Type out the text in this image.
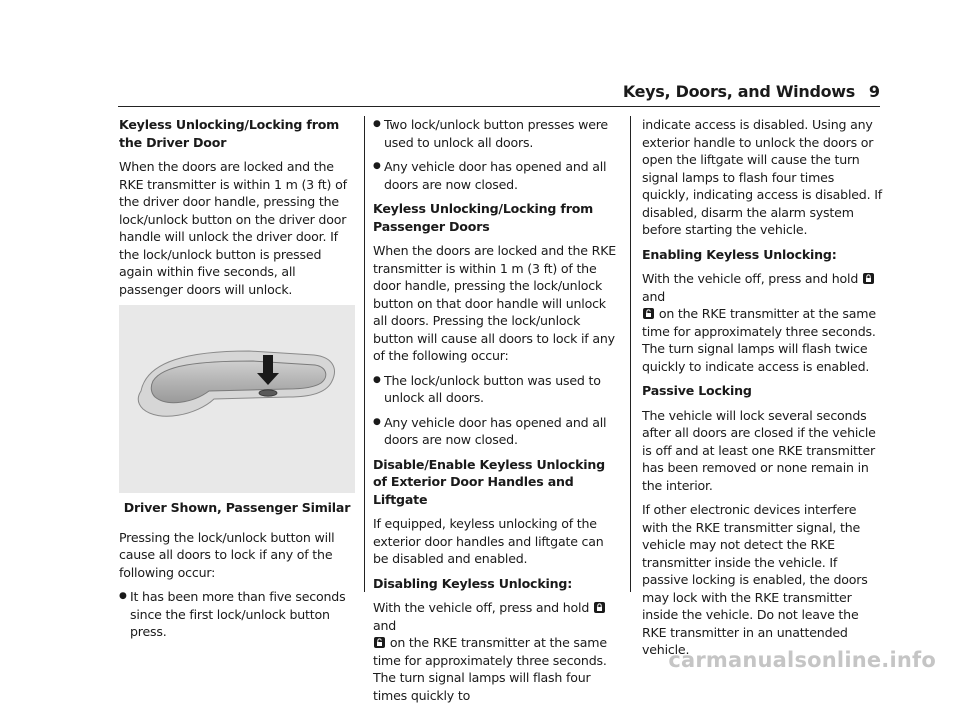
Keys, Doors, and Windows 9

Keyless Unlocking/Locking from the Driver Door

When the doors are locked and the RKE transmitter is within 1 m (3 ft) of the driver door handle, pressing the lock/unlock button on the driver door handle will unlock the driver door. If the lock/unlock button is pressed again within five seconds, all passenger doors will unlock.

Driver Shown, Passenger Similar

Pressing the lock/unlock button will cause all doors to lock if any of the following occur:

● It has been more than five seconds since the first lock/unlock button press.
● Two lock/unlock button presses were used to unlock all doors.
● Any vehicle door has opened and all doors are now closed.

Keyless Unlocking/Locking from Passenger Doors

When the doors are locked and the RKE transmitter is within 1 m (3 ft) of the door handle, pressing the lock/unlock button on that door handle will unlock all doors. Pressing the lock/unlock button will cause all doors to lock if any of the following occur:

● The lock/unlock button was used to unlock all doors.
● Any vehicle door has opened and all doors are now closed.

Disable/Enable Keyless Unlocking of Exterior Door Handles and Liftgate

If equipped, keyless unlocking of the exterior door handles and liftgate can be disabled and enabled.

Disabling Keyless Unlocking:

With the vehicle off, press and hold  and
on the RKE transmitter at the same time for approximately three seconds. The turn signal lamps will flash four times quickly to

indicate access is disabled. Using any exterior handle to unlock the doors or open the liftgate will cause the turn signal lamps to flash four times quickly, indicating access is disabled. If disabled, disarm the alarm system before starting the vehicle.

Enabling Keyless Unlocking:

With the vehicle off, press and hold  and
on the RKE transmitter at the same time for approximately three seconds. The turn signal lamps will flash twice quickly to indicate access is enabled.

Passive Locking

The vehicle will lock several seconds after all doors are closed if the vehicle is off and at least one RKE transmitter has been removed or none remain in the interior.

If other electronic devices interfere with the RKE transmitter signal, the vehicle may not detect the RKE transmitter inside the vehicle. If passive locking is enabled, the doors may lock with the RKE transmitter inside the vehicle. Do not leave the RKE transmitter in an unattended vehicle.

carmanualsonline.info
